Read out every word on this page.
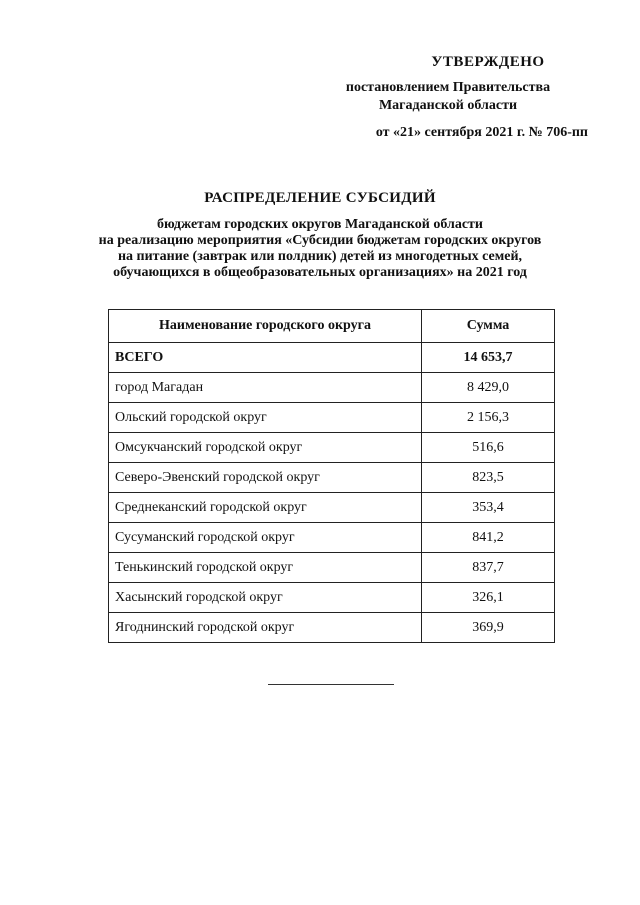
УТВЕРЖДЕНО
постановлением Правительства
Магаданской области
от «21» сентября 2021 г. № 706-пп
РАСПРЕДЕЛЕНИЕ СУБСИДИЙ
бюджетам городских округов Магаданской области
на реализацию мероприятия «Субсидии бюджетам городских округов
на питание (завтрак или полдник) детей из многодетных семей,
обучающихся в общеобразовательных организациях» на 2021 год
Наименование городского округа	Сумма
ВСЕГО	14 653,7
город Магадан	8 429,0
Ольский городской округ	2 156,3
Омсукчанский городской округ	516,6
Северо-Эвенский городской округ	823,5
Среднеканский городской округ	353,4
Сусуманский городской округ	841,2
Тенькинский городской округ	837,7
Хасынский городской округ	326,1
Ягоднинский городской округ	369,9
